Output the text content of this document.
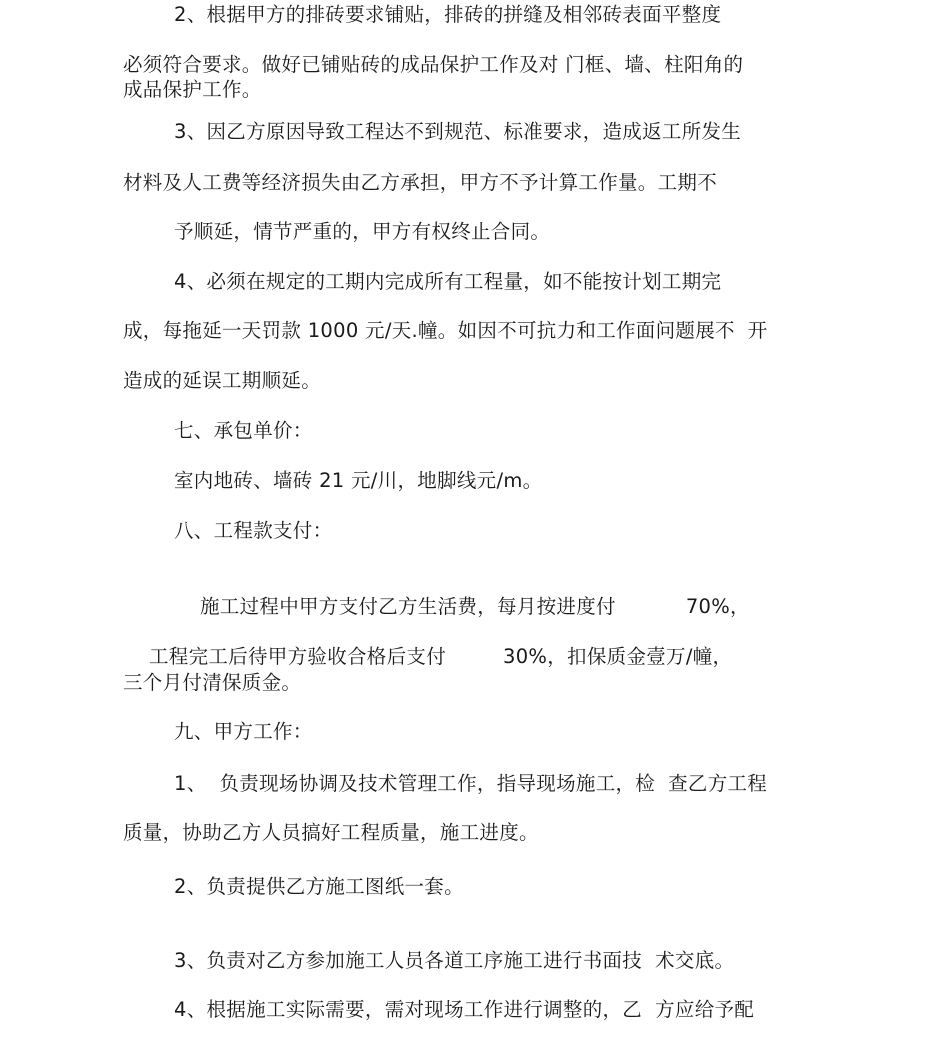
2、根据甲方的排砖要求铺贴，排砖的拼缝及相邻砖表面平整度
必须符合要求。做好已铺贴砖的成品保护工作及对 门框、墙、柱阳角的
成品保护工作。
3、因乙方原因导致工程达不到规范、标准要求，造成返工所发生
材料及人工费等经济损失由乙方承担，甲方不予计算工作量。工期不
予顺延，情节严重的，甲方有权终止合同。
4、必须在规定的工期内完成所有工程量，如不能按计划工期完
成，每拖延一天罚款 1000 元/天.幢。如因不可抗力和工作面问题展不  开
造成的延误工期顺延。
七、承包单价：
室内地砖、墙砖 21 元/川，地脚线元/m。
八、工程款支付：

施工过程中甲方支付乙方生活费，每月按进度付	70%，

工程完工后待甲方验收合格后支付	30%，扣保质金壹万/幢，

三个月付清保质金。
九、甲方工作：
1、  负责现场协调及技术管理工作，指导现场施工，检  查乙方工程
质量，协助乙方人员搞好工程质量，施工进度。
2、负责提供乙方施工图纸一套。
3、负责对乙方参加施工人员各道工序施工进行书面技  术交底。
4、根据施工实际需要，需对现场工作进行调整的，乙  方应给予配
